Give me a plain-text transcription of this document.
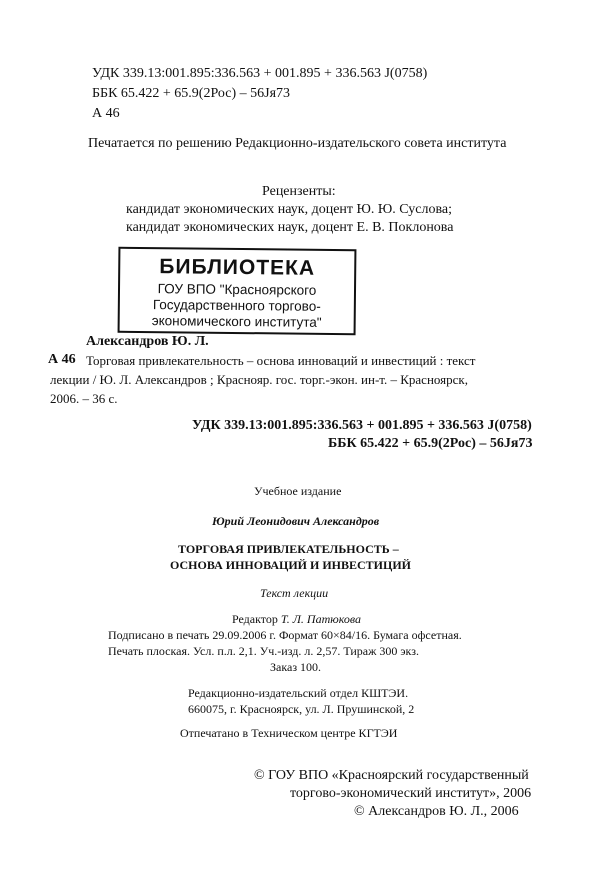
УДК 339.13:001.895:336.563 + 001.895 + 336.563 J(0758)
ББК 65.422 + 65.9(2Рос) – 56Jя73
А 46
Печатается по решению Редакционно-издательского совета института
Рецензенты:
кандидат экономических наук, доцент Ю. Ю. Суслова;
кандидат экономических наук, доцент Е. В. Поклонова
БИБЛИОТЕКА
ГОУ ВПО "Красноярского
Государственного торгово-
экономического института"
Александров Ю. Л.
А 46 Торговая привлекательность – основа инноваций и инвестиций : текст
лекции / Ю. Л. Александров ; Краснояр. гос. торг.-экон. ин-т. – Красноярск,
2006. – 36 с.
УДК 339.13:001.895:336.563 + 001.895 + 336.563 J(0758)
ББК 65.422 + 65.9(2Рос) – 56Jя73
Учебное издание
Юрий Леонидович Александров
ТОРГОВАЯ ПРИВЛЕКАТЕЛЬНОСТЬ –
ОСНОВА ИННОВАЦИЙ И ИНВЕСТИЦИЙ
Текст лекции
Редактор Т. Л. Патюкова
Подписано в печать 29.09.2006 г. Формат 60×84/16. Бумага офсетная.
Печать плоская. Усл. п.л. 2,1. Уч.-изд. л. 2,57. Тираж 300 экз.
Заказ 100.
Редакционно-издательский отдел КШТЭИ.
660075, г. Красноярск, ул. Л. Прушинской, 2
Отпечатано в Техническом центре КГТЭИ
© ГОУ ВПО «Красноярский государственный
торгово-экономический институт», 2006
© Александров Ю. Л., 2006
